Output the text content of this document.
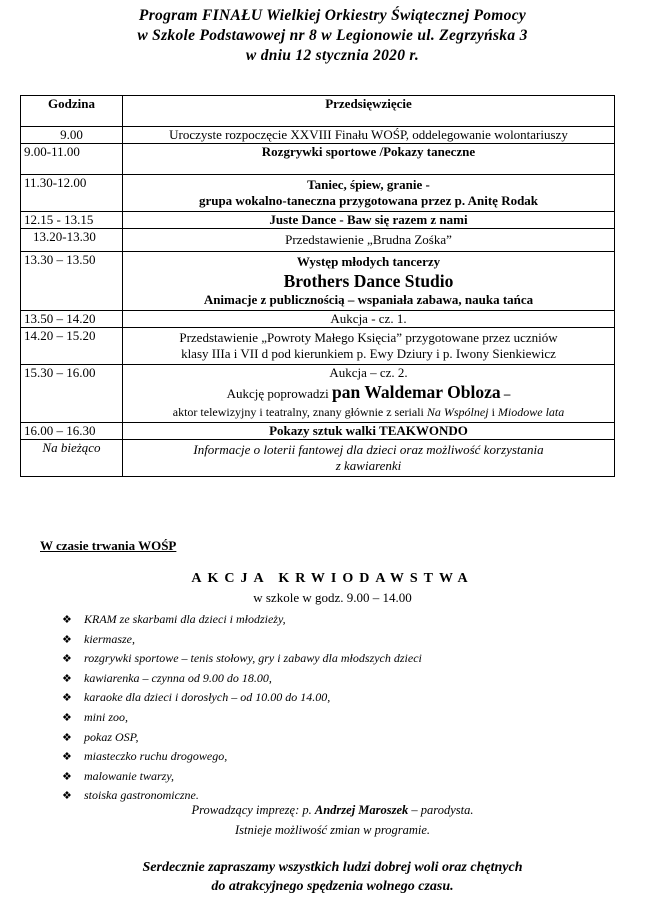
Program FINAŁU Wielkiej Orkiestry Świątecznej Pomocy
w Szkole Podstawowej nr 8 w Legionowie ul. Zegrzyńska 3
w dniu 12 stycznia 2020 r.
Godzina	Przedsięwzięcie
9.00	Uroczyste rozpoczęcie XXVIII Finału WOŚP, oddelegowanie wolontariuszy
9.00-11.00	Rozgrywki sportowe /Pokazy taneczne
11.30-12.00	Taniec, śpiew, granie -
grupa wokalno-taneczna przygotowana przez p. Anitę Rodak

12.15 - 13.15	Juste Dance - Baw się razem z nami
13.20-13.30	Przedstawienie „Brudna Zośka”
13.30 – 13.50	Występ młodych tancerzy
Brothers Dance Studio
Animacje z publicznością – wspaniała zabawa, nauka tańca

13.50 – 14.20	Aukcja - cz. 1.
14.20 – 15.20	Przedstawienie „Powroty Małego Księcia” przygotowane przez uczniów
klasy IIIa i VII d pod kierunkiem p. Ewy Dziury i p. Iwony Sienkiewicz

15.30 – 16.00	Aukcja – cz. 2.
Aukcję poprowadzi pan Waldemar Obloza –
aktor telewizyjny i teatralny, znany głównie z seriali Na Wspólnej i Miodowe lata

16.00 – 16.30	Pokazy sztuk walki TEAKWONDO
Na bieżąco	Informacje o loterii fantowej dla dzieci oraz możliwość korzystania
z kawiarenki
W czasie trwania WOŚP
AKCJA KRWIODAWSTWA
w szkole w godz. 9.00 – 14.00
❖ KRAM ze skarbami dla dzieci i młodzieży,
❖ kiermasze,
❖ rozgrywki sportowe – tenis stołowy, gry i zabawy dla młodszych dzieci
❖ kawiarenka – czynna od 9.00 do 18.00,
❖ karaoke dla dzieci i dorosłych – od 10.00 do 14.00,
❖ mini zoo,
❖ pokaz OSP,
❖ miasteczko ruchu drogowego,
❖ malowanie twarzy,
❖ stoiska gastronomiczne.
Prowadzący imprezę: p. Andrzej Maroszek – parodysta.
Istnieje możliwość zmian w programie.
Serdecznie zapraszamy wszystkich ludzi dobrej woli oraz chętnych
do atrakcyjnego spędzenia wolnego czasu.
